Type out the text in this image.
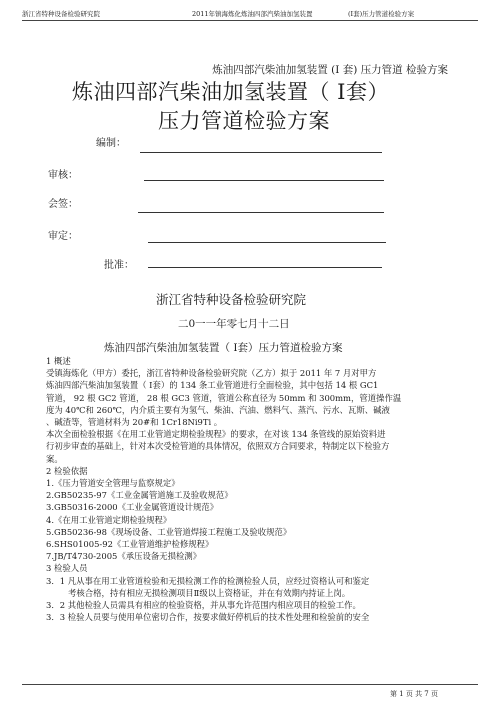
浙江省特种设备检验研究院	2011年镇海炼化炼油四部汽柴油加氢装置	(I套)压力管道检验方案
炼油四部汽柴油加氢装置 (I 套) 压力管道 检验方案
炼油四部汽柴油加氢装置（ Ⅰ套）
压力管道检验方案
编制：
审核：
会签：
审定：
批准：
浙江省特种设备检验研究院
二0一一年零七月十二日
炼油四部汽柴油加氢装置（ Ⅰ套）压力管道检验方案

1 概述

受镇海炼化（甲方）委托，浙江省特种设备检验研究院（乙方）拟于 2011 年 7 月对甲方

炼油四部汽柴油加氢装置（ Ⅰ套）的 134 条工业管道进行全面检验，其中包括 14 根 GC1

管道， 92 根 GC2 管道， 28 根 GC3 管道，管道公称直径为 50mm 和 300mm，管道操作温

度为 40℃和 260℃，内介质主要有为氢气、柴油、汽油、燃料气、蒸汽、污水、瓦斯、碱液

、碱渣等，管道材料为 20#和 1Cr18Ni9Ti 。

本次全面检验根据《在用工业管道定期检验规程》的要求，在对该 134 条管线的原始资料进

行初步审查的基础上，针对本次受检管道的具体情况，依照双方合同要求，特制定以下检验方

案。

2 检验依据

1.《压力管道安全管理与监察规定》

2.GB50235-97《工业金属管道施工及验收规范》

3.GB50316-2000《工业金属管道设计规范》

4.《在用工业管道定期检验规程》

5.GB50236-98《现场设备、工业管道焊接工程施工及验收规范》

6.SHS01005-92《工业管道维护检修规程》

7.JB/T4730-2005《承压设备无损检测》

3 检验人员

3．1 凡从事在用工业管道检验和无损检测工作的检测检验人员，应经过资格认可和鉴定

考核合格，持有相应无损检测项目Ⅱ级以上资格证，并在有效期内持证上岗。

3．2 其他检验人员需具有相应的检验资格，并从事允许范围内相应项目的检验工作。

3．3 检验人员要与使用单位密切合作，按要求做好停机后的技术性处理和检验前的安全

第 1 页 共 7 页
